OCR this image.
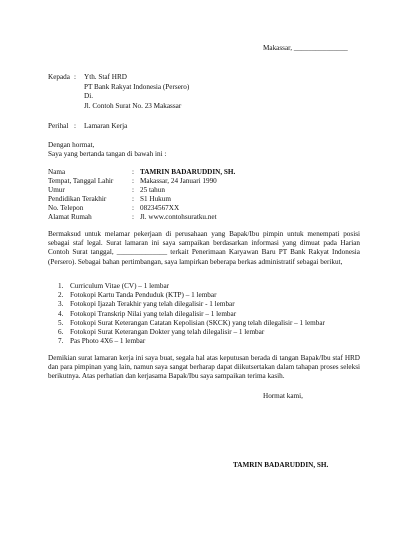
Makassar, _______________
Kepada : Yth. Staf HRD
PT Bank Rakyat Indonesia (Persero)
Di.
Jl. Contoh Surat No. 23 Makassar
Perihal : Lamaran Kerja
Dengan hormat,
Saya yang bertanda tangan di bawah ini :
Nama	: TAMRIN BADARUDDIN, SH.
Tempat, Tanggal Lahir	: Makassar, 24 Januari 1990
Umur	: 25 tahun
Pendidikan Terakhir	: S1 Hukum
No. Telepon	: 08234567XX
Alamat Rumah	: Jl. www.contohsuratku.net
Bermaksud untuk melamar pekerjaan di perusahaan yang Bapak/Ibu pimpin untuk menempati posisi sebagai staf legal. Surat lamaran ini saya sampaikan berdasarkan informasi yang dimuat pada Harian Contoh Surat tanggal, ______________ terkait Penerimaan Karyawan Baru PT Bank Rakyat Indonesia (Persero). Sebagai bahan pertimbangan, saya lampirkan beberapa berkas administratif sebagai berikut,
1. Curriculum Vitae (CV) – 1 lembar
2. Fotokopi Kartu Tanda Penduduk (KTP) – 1 lembar
3. Fotokopi Ijazah Terakhir yang telah dilegalisir - 1 lembar
4. Fotokopi Transkrip Nilai yang telah dilegalisir – 1 lembar
5. Fotokopi Surat Keterangan Catatan Kepolisian (SKCK) yang telah dilegalisir – 1 lembar
6. Fotokopi Surat Keterangan Dokter yang telah dilegalisir – 1 lembar
7. Pas Photo 4X6 – 1 lembar
Demikian surat lamaran kerja ini saya buat, segala hal atas keputusan berada di tangan Bapak/Ibu staf HRD dan para pimpinan yang lain, namun saya sangat berharap dapat diikutsertakan dalam tahapan proses seleksi berikutnya. Atas perhatian dan kerjasama Bapak/Ibu saya sampaikan terima kasih.
Hormat kami,
TAMRIN BADARUDDIN, SH.
